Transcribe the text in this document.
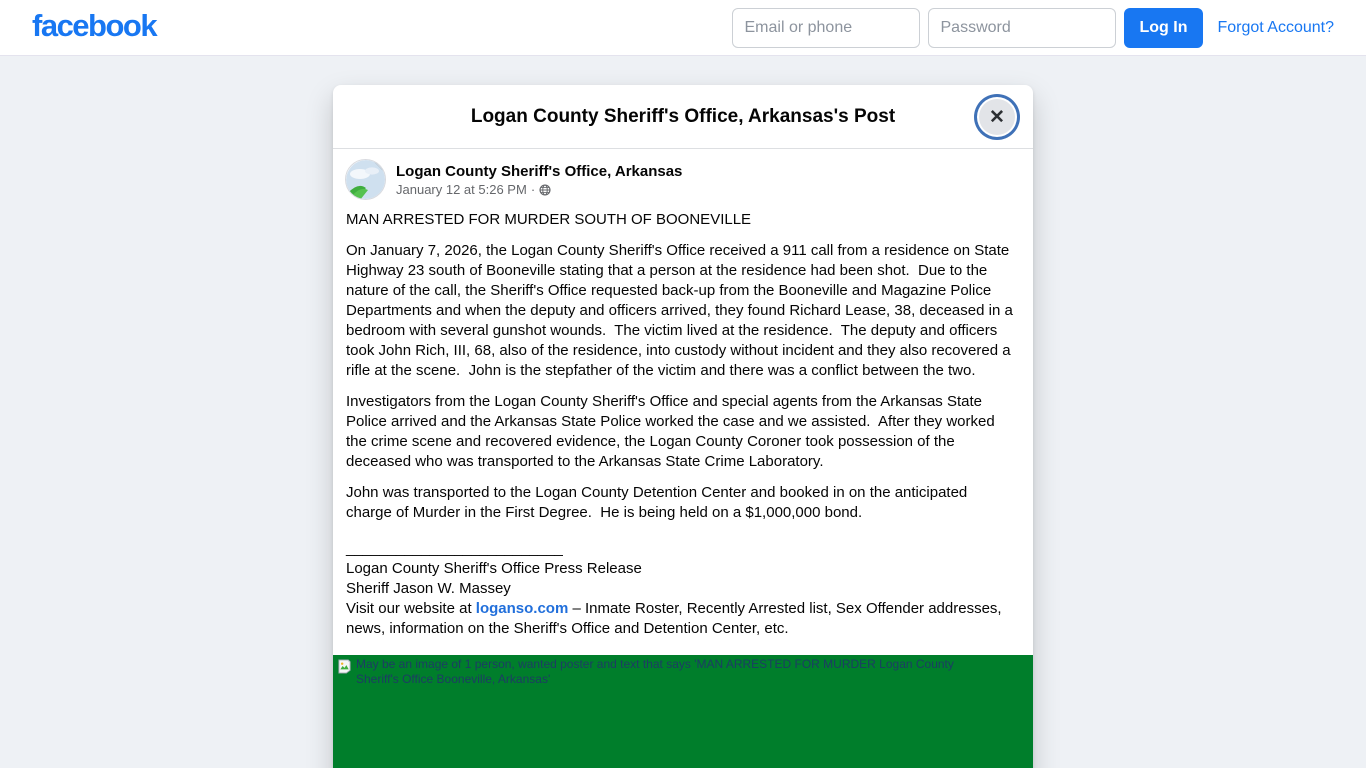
facebook
Email or phone	Log In	Forgot Account?
Logan County Sheriff's Office, Arkansas's Post	✕
Logan County Sheriff's Office, Arkansas
January 12 at 5:26 PM ·

MAN ARRESTED FOR MURDER SOUTH OF BOONEVILLE

On January 7, 2026, the Logan County Sheriff's Office received a 911 call from a residence on State Highway 23 south of Booneville stating that a person at the residence had been shot.  Due to the nature of the call, the Sheriff's Office requested back-up from the Booneville and Magazine Police Departments and when the deputy and officers arrived, they found Richard Lease, 38, deceased in a bedroom with several gunshot wounds.  The victim lived at the residence.  The deputy and officers took John Rich, III, 68, also of the residence, into custody without incident and they also recovered a rifle at the scene.  John is the stepfather of the victim and there was a conflict between the two.

Investigators from the Logan County Sheriff's Office and special agents from the Arkansas State Police arrived and the Arkansas State Police worked the case and we assisted.  After they worked the crime scene and recovered evidence, the Logan County Coroner took possession of the deceased who was transported to the Arkansas State Crime Laboratory.

John was transported to the Logan County Detention Center and booked in on the anticipated charge of Murder in the First Degree.  He is being held on a $1,000,000 bond.

__________________________
Logan County Sheriff's Office Press Release
Sheriff Jason W. Massey
Visit our website at loganso.com – Inmate Roster, Recently Arrested list, Sex Offender addresses, news, information on the Sheriff's Office and Detention Center, etc.
May be an image of 1 person, wanted poster and text that says 'MAN ARRESTED FOR MURDER Logan County Sheriff's Office Booneville, Arkansas'
